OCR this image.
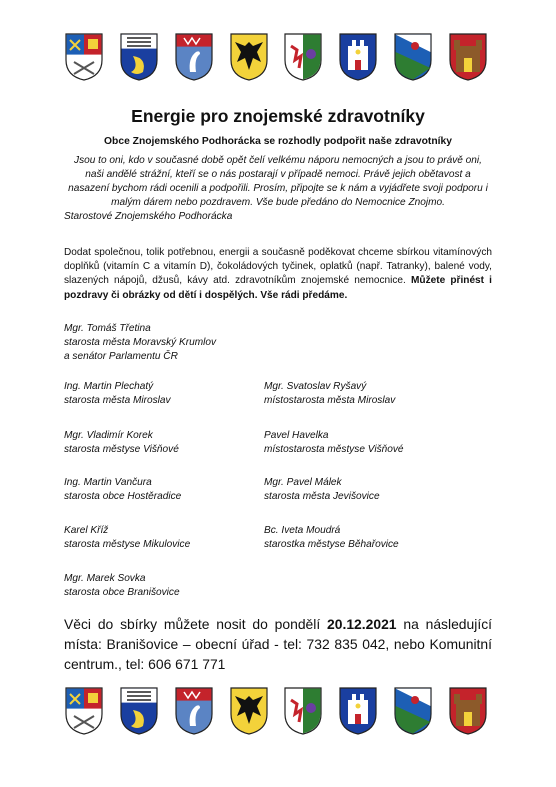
Energie pro znojemské zdravotníky
Obce Znojemského Podhorácka se rozhodly podpořit naše zdravotníky
Jsou to oni, kdo v současné době opět čelí velkému náporu nemocných a jsou to právě oni, naši andělé strážní, kteří se o nás postarají v případě nemoci. Právě jejich obětavost a nasazení bychom rádi ocenili a podpořili. Prosím, připojte se k nám a vyjádřete svoji podporu i malým dárem nebo pozdravem. Vše bude předáno do Nemocnice Znojmo.
Starostové Znojemského Podhorácka
Dodat společnou, tolik potřebnou, energii a současně poděkovat chceme sbírkou vitamínových doplňků (vitamín C a vitamín D), čokoládových tyčinek, oplatků (např. Tatranky), balené vody, slazených nápojů, džusů, kávy atd. zdravotníkům znojemské nemocnice. Můžete přinést i pozdravy či obrázky od dětí i dospělých. Vše rádi předáme.
Mgr. Tomáš Třetina
starosta města Moravský Krumlov
a senátor Parlamentu ČR
Ing. Martin Plechatý
starosta města Miroslav
Mgr. Svatoslav Ryšavý
místostarosta města Miroslav
Mgr. Vladimír Korek
starosta městyse Višňové
Pavel Havelka
místostarosta městyse Višňové
Ing. Martin Vančura
starosta obce Hostěradice
Mgr. Pavel Málek
starosta města Jevišovice
Karel Kříž
starosta městyse Mikulovice
Bc. Iveta Moudrá
starostka městyse Běhařovice
Mgr. Marek Sovka
starosta obce Branišovice
Věci do sbírky můžete nosit do pondělí 20.12.2021 na následující místa: Branišovice – obecní úřad - tel: 732 835 042, nebo Komunitní centrum., tel: 606 671 771
